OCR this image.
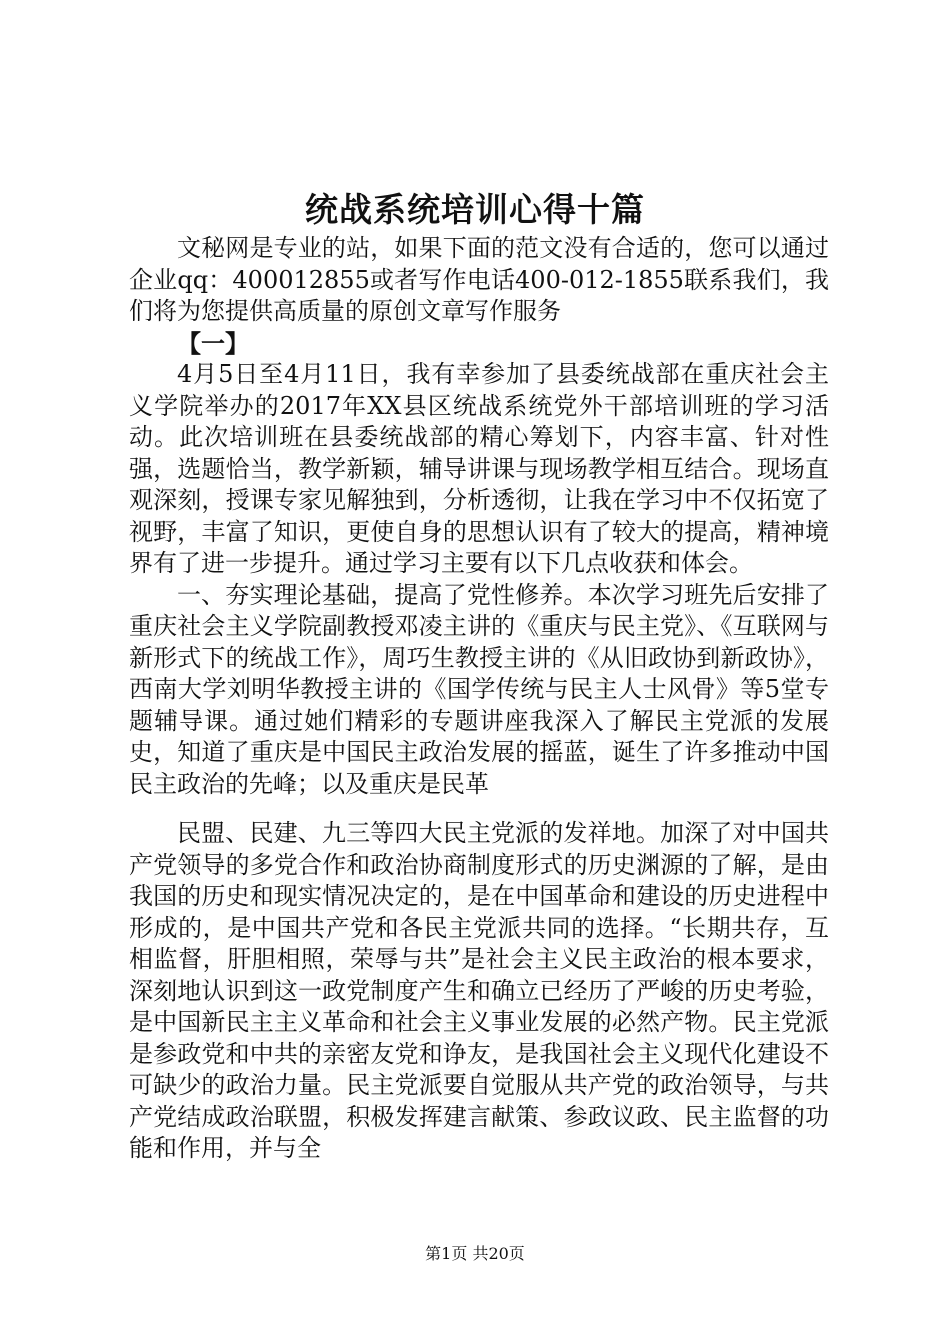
统战系统培训心得十篇

文秘网是专业的站，如果下面的范文没有合适的，您可以通过企业qq：400012855或者写作电话400-012-1855联系我们，我们将为您提供高质量的原创文章写作服务

【一】

4月5日至4月11日，我有幸参加了县委统战部在重庆社会主义学院举办的2017年XX县区统战系统党外干部培训班的学习活动。此次培训班在县委统战部的精心筹划下，内容丰富、针对性强，选题恰当，教学新颖，辅导讲课与现场教学相互结合。现场直观深刻，授课专家见解独到，分析透彻，让我在学习中不仅拓宽了视野，丰富了知识，更使自身的思想认识有了较大的提高，精神境界有了进一步提升。通过学习主要有以下几点收获和体会。

一、夯实理论基础，提高了党性修养。本次学习班先后安排了重庆社会主义学院副教授邓凌主讲的《重庆与民主党》、《互联网与新形式下的统战工作》，周巧生教授主讲的《从旧政协到新政协》，西南大学刘明华教授主讲的《国学传统与民主人士风骨》等5堂专题辅导课。通过她们精彩的专题讲座我深入了解民主党派的发展史，知道了重庆是中国民主政治发展的摇蓝，诞生了许多推动中国民主政治的先峰；以及重庆是民革

民盟、民建、九三等四大民主党派的发祥地。加深了对中国共产党领导的多党合作和政治协商制度形式的历史渊源的了解，是由我国的历史和现实情况决定的，是在中国革命和建设的历史进程中形成的，是中国共产党和各民主党派共同的选择。“长期共存，互相监督，肝胆相照，荣辱与共”是社会主义民主政治的根本要求，深刻地认识到这一政党制度产生和确立已经历了严峻的历史考验，是中国新民主主义革命和社会主义事业发展的必然产物。民主党派是参政党和中共的亲密友党和诤友，是我国社会主义现代化建设不可缺少的政治力量。民主党派要自觉服从共产党的政治领导，与共产党结成政治联盟，积极发挥建言献策、参政议政、民主监督的功能和作用，并与全

第1页 共20页
